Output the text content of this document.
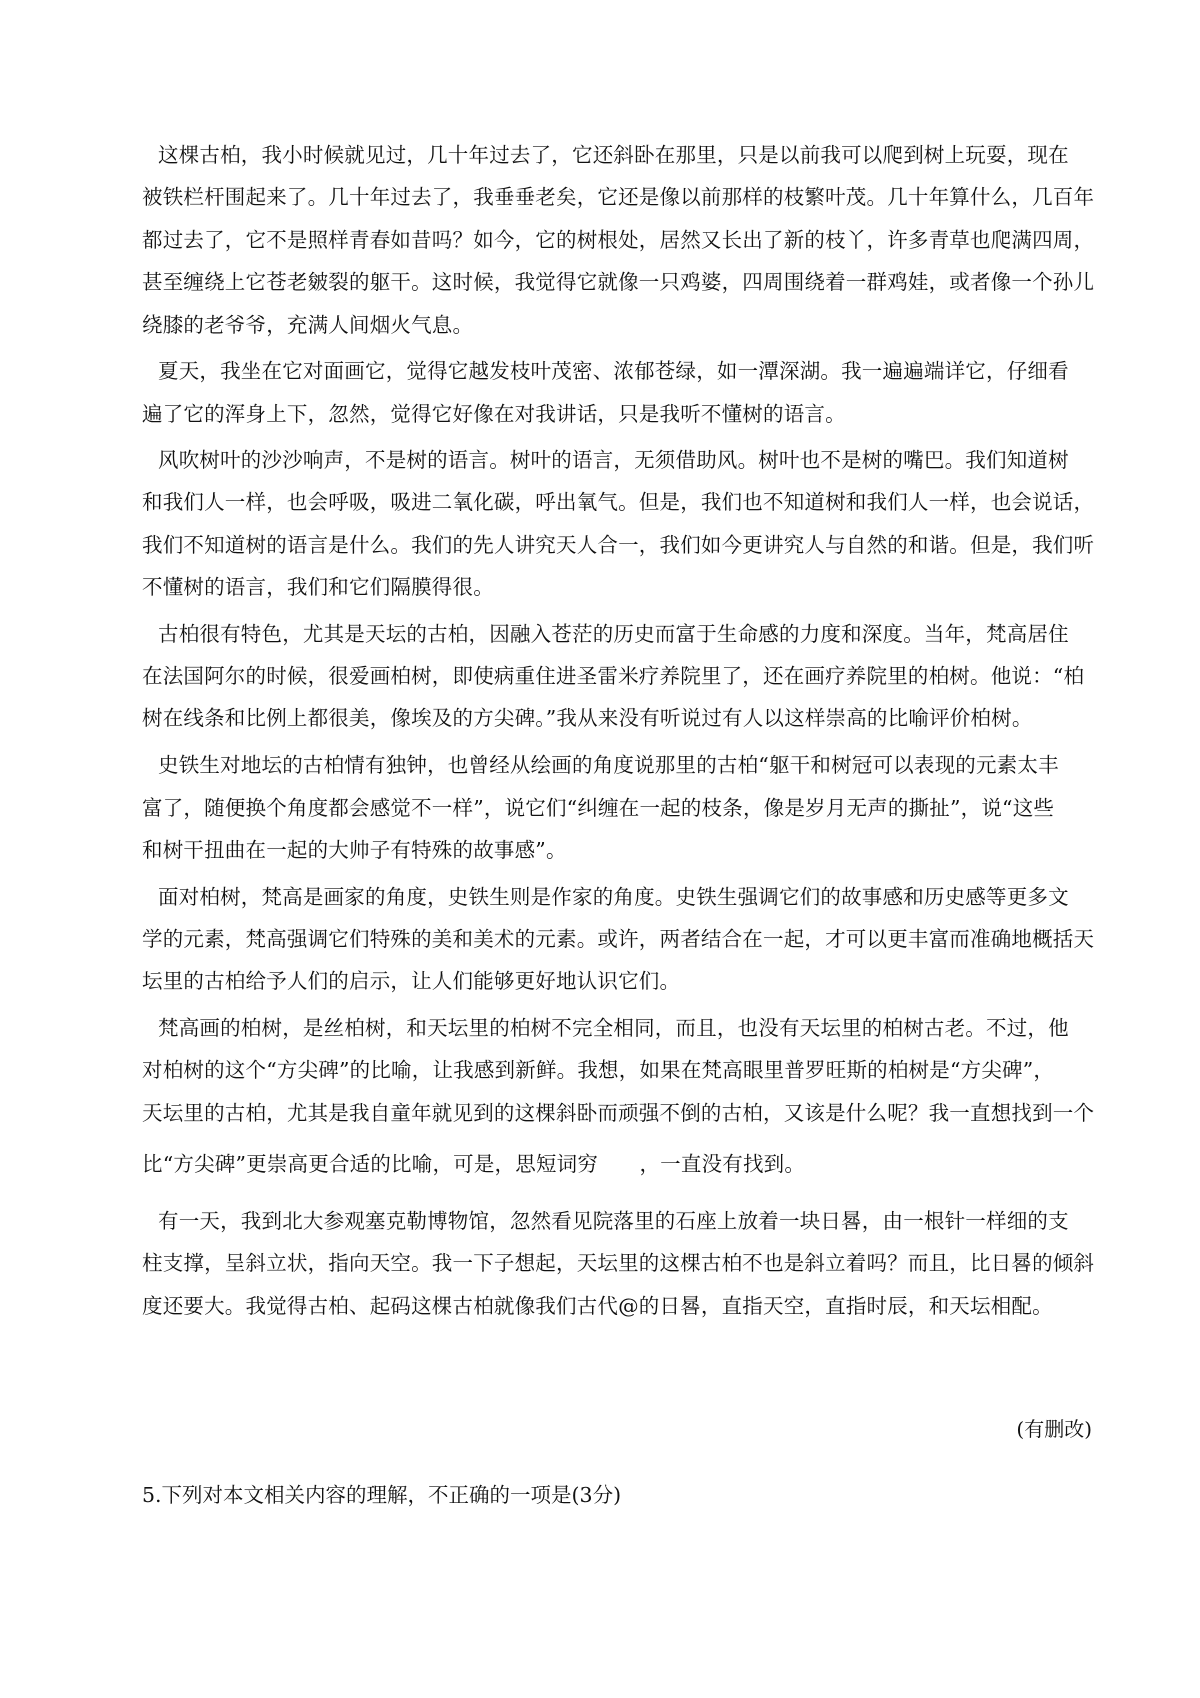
这棵古柏，我小时候就见过，几十年过去了，它还斜卧在那里，只是以前我可以爬到树上玩耍，现在
被铁栏杆围起来了。几十年过去了，我垂垂老矣，它还是像以前那样的枝繁叶茂。几十年算什么，几百年
都过去了，它不是照样青春如昔吗？如今，它的树根处，居然又长出了新的枝丫，许多青草也爬满四周，
甚至缠绕上它苍老皴裂的躯干。这时候，我觉得它就像一只鸡婆，四周围绕着一群鸡娃，或者像一个孙儿
绕膝的老爷爷，充满人间烟火气息。
夏天，我坐在它对面画它，觉得它越发枝叶茂密、浓郁苍绿，如一潭深湖。我一遍遍端详它，仔细看
遍了它的浑身上下，忽然，觉得它好像在对我讲话，只是我听不懂树的语言。
风吹树叶的沙沙响声，不是树的语言。树叶的语言，无须借助风。树叶也不是树的嘴巴。我们知道树
和我们人一样，也会呼吸，吸进二氧化碳，呼出氧气。但是，我们也不知道树和我们人一样，也会说话，
我们不知道树的语言是什么。我们的先人讲究天人合一，我们如今更讲究人与自然的和谐。但是，我们听
不懂树的语言，我们和它们隔膜得很。
古柏很有特色，尤其是天坛的古柏，因融入苍茫的历史而富于生命感的力度和深度。当年，梵高居住
在法国阿尔的时候，很爱画柏树，即使病重住进圣雷米疗养院里了，还在画疗养院里的柏树。他说：“柏
树在线条和比例上都很美，像埃及的方尖碑。”我从来没有听说过有人以这样崇高的比喻评价柏树。
史铁生对地坛的古柏情有独钟，也曾经从绘画的角度说那里的古柏“躯干和树冠可以表现的元素太丰
富了，随便换个角度都会感觉不一样”，说它们“纠缠在一起的枝条，像是岁月无声的撕扯”，说“这些
和树干扭曲在一起的大帅子有特殊的故事感”。
面对柏树，梵高是画家的角度，史铁生则是作家的角度。史铁生强调它们的故事感和历史感等更多文
学的元素，梵高强调它们特殊的美和美术的元素。或许，两者结合在一起，才可以更丰富而准确地概括天
坛里的古柏给予人们的启示，让人们能够更好地认识它们。
梵高画的柏树，是丝柏树，和天坛里的柏树不完全相同，而且，也没有天坛里的柏树古老。不过，他
对柏树的这个“方尖碑”的比喻，让我感到新鲜。我想，如果在梵高眼里普罗旺斯的柏树是“方尖碑”，
天坛里的古柏，尤其是我自童年就见到的这棵斜卧而顽强不倒的古柏，又该是什么呢？我一直想找到一个
比“方尖碑”更崇高更合适的比喻，可是，思短词穷　　，一直没有找到。
有一天，我到北大参观塞克勒博物馆，忽然看见院落里的石座上放着一块日晷，由一根针一样细的支
柱支撑，呈斜立状，指向天空。我一下子想起，天坛里的这棵古柏不也是斜立着吗？而且，比日晷的倾斜
度还要大。我觉得古柏、起码这棵古柏就像我们古代@的日晷，直指天空，直指时辰，和天坛相配。
(有删改)
5.下列对本文相关内容的理解，不正确的一项是(3分)
